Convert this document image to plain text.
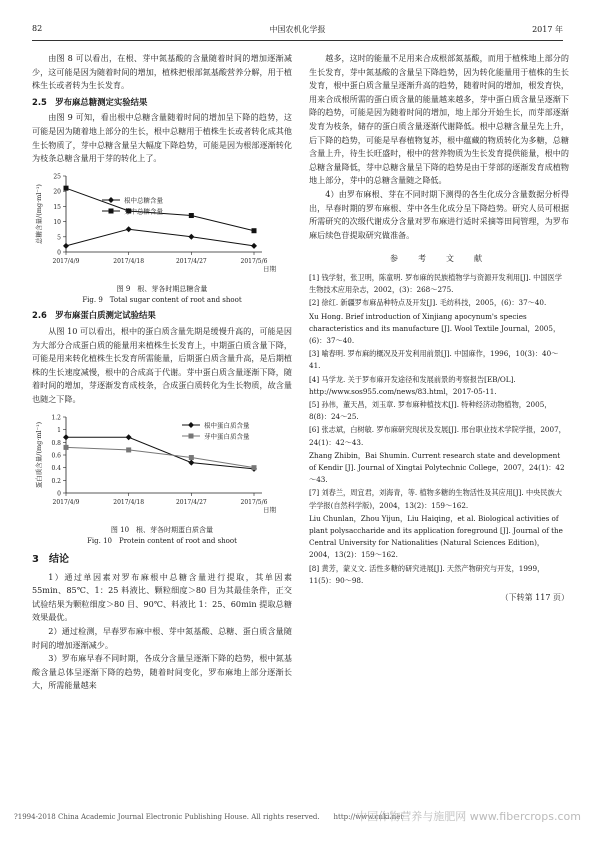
82	中国农机化学报	2017 年

由图 8 可以看出，在根、芽中氮基酸的含量随着时间的增加逐渐减少，这可能是因为随着时间的增加，植株把根部氮基酸营养分解，用于植株生长或者转为生长发育。

2.5　罗布麻总糖测定实验结果

由图 9 可知，看出根中总糖含量随着时间的增加呈下降的趋势，这可能是因为随着地上部分的生长，根中总糖用于植株生长或者转化成其他生长物质了，芽中总糖含量呈大幅度下降趋势，可能是因为根部逐渐转化为枝条总糖含量用于芽的转化上了。

0
5
10
15
20
25
2017/4/9	2017/4/18	2017/4/27	2017/5/6
日期
总糖含量/(mg·ml⁻¹)	根中总糖含量
芽中总糖含量
图 9　根、芽各时期总糖含量
Fig. 9　Total sugar content of root and shoot
2.6　罗布麻蛋白质测定试验结果

从图 10 可以看出，根中的蛋白质含量先期是缓慢升高的，可能是因为大部分合成蛋白质的能量用来植株生长发育上，中期蛋白质含量下降，可能是用来转化植株生长发育所需能量，后期蛋白质含量升高，是后期植株的生长速度减慢，根中的合成高于代谢。芽中蛋白质含量逐渐下降，随着时间的增加，芽逐渐发育成枝条，合成蛋白质转化为生长物质，故含量也随之下降。

0
0.2
0.4
0.6
0.8
1
1.2
2017/4/9	2017/4/18	2017/4/27	2017/5/6
日期
蛋白质含量/(mg·ml⁻¹)	根中蛋白质含量
芽中蛋白质含量
图 10　根、芽各时期蛋白质含量
Fig. 10　Protein content of root and shoot
3　结论

1）通过单因素对罗布麻根中总糖含量进行提取，其单因素 55min、85℃、1：25 料液比、颗粒细度＞80 目为其最佳条件，正交试验结果为颗粒细度＞80 目、90℃、料液比 1：25、60min 提取总糖效果最优。

2）通过检测，早春罗布麻中根、芽中氮基酸、总糖、蛋白质含量随时间的增加逐渐减少。

3）罗布麻早春不同时期，各成分含量呈逐渐下降的趋势，根中氮基酸含量总体呈逐渐下降的趋势，随着时间变化，罗布麻地上部分逐渐长大，所需能量越来

越多，这时的能量不足用来合成根部氮基酸，而用于植株地上部分的生长发育，芽中氮基酸的含量呈下降趋势，因为转化能量用于植株的生长发育，根中蛋白质含量呈逐渐升高的趋势，随着时间的增加，根发育快，用来合成根所需的蛋白质含量的能量越来越多，芽中蛋白质含量呈逐渐下降的趋势，可能是因为随着时间的增加，地上部分开始生长，而芽部逐渐发育为枝条，储存的蛋白质含量逐渐代谢降低。根中总糖含量呈先上升，后下降的趋势，可能是早春植物复苏，根中蕴藏的物质转化为多糖，总糖含量上升，待生长旺盛时，根中的营养物质为生长发育提供能量，根中的总糖含量降低，芽中总糖含量呈下降的趋势是由于芽部的逐渐发育成植物地上部分，芽中的总糖含量随之降低。

4）由罗布麻根、芽在不同时期下测得的各生化成分含量数据分析得出，早春时期的罗布麻根、芽中各生化成分呈下降趋势。研究人员可根据所需研究的次级代谢成分含量对罗布麻进行适时采摘等田间管理，为罗布麻后续色苷提取研究做准备。

参　考　文　献
[1] 钱学射，张卫明，陈童明. 罗布麻的民族植物学与资源开发利用[J]. 中国医学生物技术应用杂志，2002，(3)：268～275.
[2] 徐红. 新疆罗布麻品种特点及开发[J]. 毛纺科技，2005，(6)：37～40.
Xu Hong. Brief introduction of Xinjiang apocynum's species characteristics and its manufacture [J]. Wool Textile Journal，2005，(6)：37～40.
[3] 喻春明. 罗布麻的概况及开发利用前景[J]. 中国麻作，1996，10(3)：40～41.
[4] 马学龙. 关于罗布麻开发途径和发展前景的考察报告[EB/OL]. http://www.sos955.com/news/83.html，2017-05-11.
[5] 孙伟，董天昌，刘玉章. 罗布麻种植技术[J]. 特种经济动物植物，2005，8(8)：24～25.
[6] 张志斌，白树敏. 罗布麻研究现状及发展[J]. 邢台职业技术学院学报，2007，24(1)：42～43.
Zhang Zhibin，Bai Shumin. Current research state and development of Kendir [J]. Journal of Xingtai Polytechnic College，2007，24(1)：42～43.
[7] 刘春兰，周宜君，刘海青，等. 植物多糖的生物活性及其应用[J]. 中央民族大学学报(自然科学版)，2004，13(2)：159～162.
Liu Chunlan，Zhou Yijun，Liu Haiqing，et al. Biological activities of plant polysaccharide and its application foreground [J]. Journal of the Central University for Nationalities (Natural Sciences Edition)，2004，13(2)：159～162.
[8] 黄芳，蒙义文. 活性多糖的研究进展[J]. 天然产物研究与开发，1999，11(5)：90～98.
（下转第 117 页）
?1994-2018 China Academic Journal Electronic Publishing House. All rights reserved.　　http://www.cnki.net
中国作物营养与施肥网 www.fibercrops.com
